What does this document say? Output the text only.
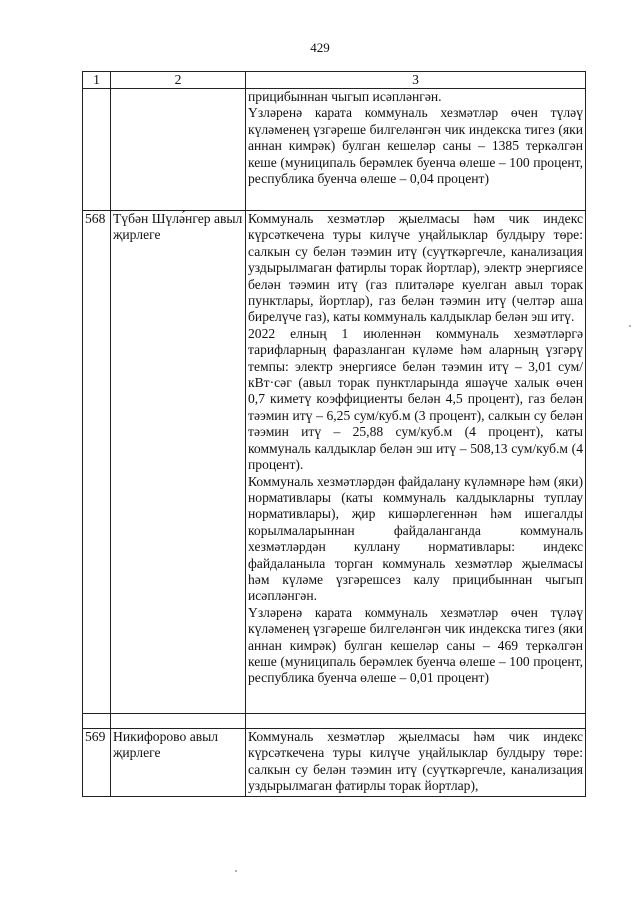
429
1	2	3

		прицибыннан чыгып исәпләнгән.

Үзләренә карата коммуналь хезмәтләр өчен түләү күләменең үзгәреше билгеләнгән чик индекска тигез (яки аннан кимрәк) булган кешеләр саны – 1385 теркәлгән кеше (муниципаль берәмлек буенча өлеше – 100 процент, республика буенча өлеше – 0,04 процент)

568	Түбән Шүлә́нгер авыл җирлеге	Коммуналь хезмәтләр җыелмасы һәм чик индекс күрсәткечена туры килүче уңайлыклар булдыру төре: салкын су белән тәэмин итү (суүткәргечле, канализация уздырылмаган фатирлы торак йортлар), электр энергиясе белән тәэмин итү (газ плитәләре куелган авыл торак пунктлары, йортлар), газ белән тәэмин итү (челтәр аша бирелүче газ), каты коммуналь калдыклар белән эш итү.

2022 елның 1 июленнән коммуналь хезмәтләргә тарифларның фаразланган күләме һәм аларның үзгәрү темпы: электр энергиясе белән тәэмин итү – 3,01 сум/кВт·сәг (авыл торак пунктларында яшәүче халык өчен 0,7 киметү коэффициенты белән 4,5 процент), газ белән тәэмин итү – 6,25 сум/куб.м (3 процент), салкын су белән тәэмин итү – 25,88 сум/куб.м (4 процент), каты коммуналь калдыклар белән эш итү – 508,13 сум/куб.м (4 процент).

Коммуналь хезмәтләрдән файдалану күләмнәре һәм (яки) нормативлары (каты коммуналь калдыкларны туплау нормативлары), җир кишәрлегеннән һәм ишегалды корылмаларыннан файдаланганда коммуналь хезмәтләрдән куллану нормативлары: индекс файдаланыла торган коммуналь хезмәтләр җыелмасы һәм күләме үзгәрешсез калу прицибыннан чыгып исәпләнгән.

Үзләренә карата коммуналь хезмәтләр өчен түләү күләменең үзгәреше билгеләнгән чик индекска тигез (яки аннан кимрәк) булган кешеләр саны – 469 теркәлгән кеше (муниципаль берәмлек буенча өлеше – 100 процент, республика буенча өлеше – 0,01 процент)

569	Никифорово авыл җирлеге	Коммуналь хезмәтләр җыелмасы һәм чик индекс күрсәткечена туры килүче уңайлыклар булдыру төре: салкын су белән тәэмин итү (суүткәргечле, канализация уздырылмаган фатирлы торак йортлар),
